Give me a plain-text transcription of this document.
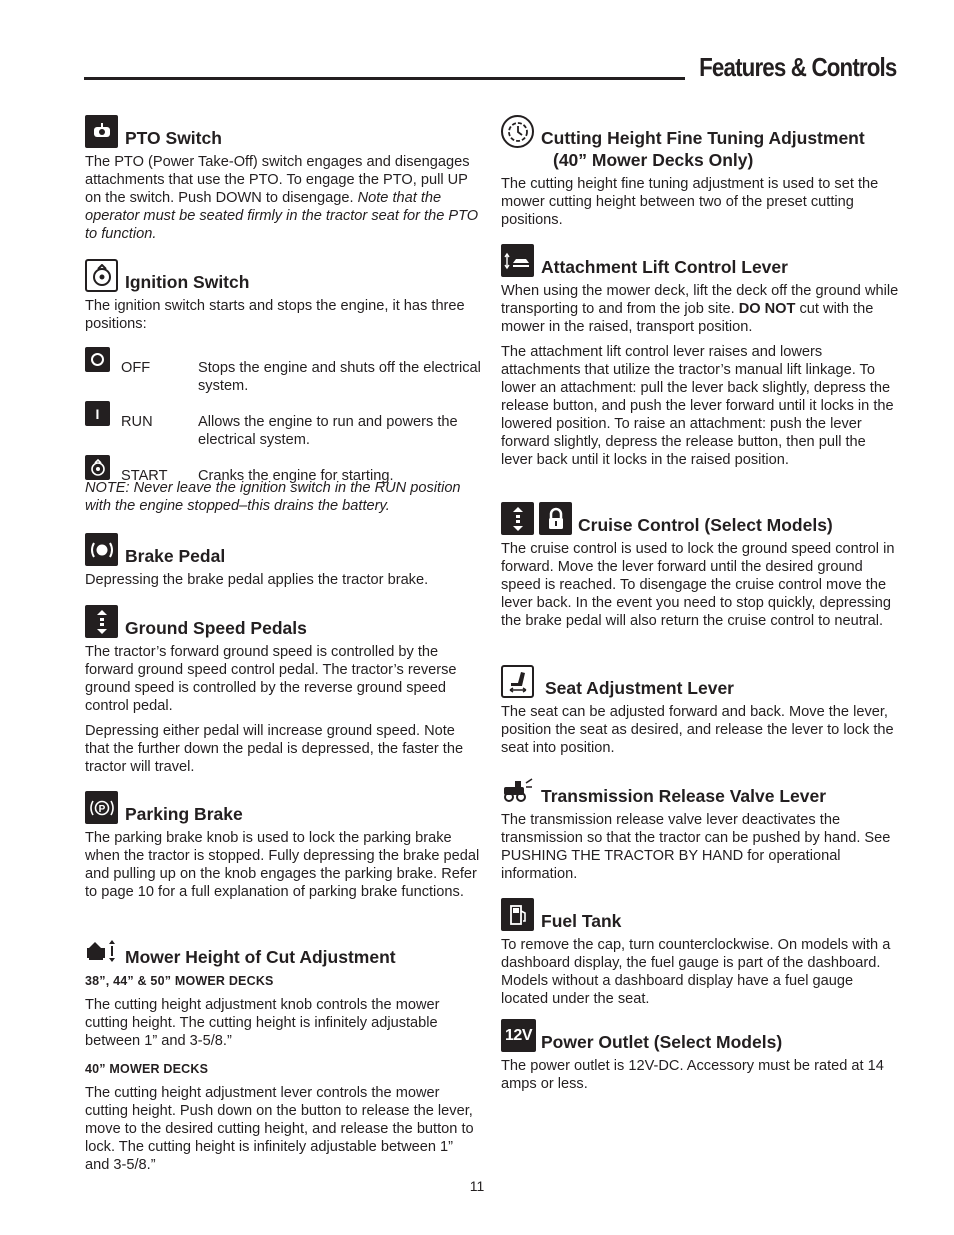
Features & Controls
PTO Switch

The PTO (Power Take-Off) switch engages and disengages attachments that use the PTO. To engage the PTO, pull UP on the switch. Push DOWN to disengage. Note that the operator must be seated firmly in the tractor seat for the PTO to function.

Ignition Switch

The ignition switch starts and stops the engine, it has three positions:

OFF	Stops the engine and shuts off the electrical system.
I
RUN	Allows the engine to run and powers the electrical system.
START Cranks the engine for starting.

NOTE: Never leave the ignition switch in the RUN position with the engine stopped–this drains the battery.

Brake Pedal

Depressing the brake pedal applies the tractor brake.

Ground Speed Pedals

The tractor’s forward ground speed is controlled by the forward ground speed control pedal. The tractor’s reverse ground speed is controlled by the reverse ground speed control pedal.

Depressing either pedal will increase ground speed. Note that the further down the pedal is depressed, the faster the tractor will travel.

P Parking Brake

The parking brake knob is used to lock the parking brake when the tractor is stopped. Fully depressing the brake pedal and pulling up on the knob engages the parking brake. Refer to page 10 for a full explanation of parking brake functions.

Mower Height of Cut Adjustment
38”, 44” & 50” MOWER DECKS

The cutting height adjustment knob controls the mower cutting height. The cutting height is infinitely adjustable between 1” and 3-5/8.”

40” MOWER DECKS

The cutting height adjustment lever controls the mower cutting height. Push down on the button to release the lever, move to the desired cutting height, and release the button to lock. The cutting height is infinitely adjustable between 1” and 3-5/8.”

Cutting Height Fine Tuning Adjustment
(40” Mower Decks Only)

The cutting height fine tuning adjustment is used to set the mower cutting height between two of the preset cutting positions.

Attachment Lift Control Lever

When using the mower deck, lift the deck off the ground while transporting to and from the job site. DO NOT cut with the mower in the raised, transport position.

The attachment lift control lever raises and lowers attachments that utilize the tractor’s manual lift linkage. To lower an attachment: pull the lever back slightly, depress the release button, and push the lever forward until it locks in the lowered position. To raise an attachment: push the lever forward slightly, depress the release button, then pull the lever back until it locks in the raised position.

Cruise Control (Select Models)

The cruise control is used to lock the ground speed control in forward. Move the lever forward until the desired ground speed is reached. To disengage the cruise control move the lever back. In the event you need to stop quickly, depressing the brake pedal will also return the cruise control to neutral.

Seat Adjustment Lever

The seat can be adjusted forward and back. Move the lever, position the seat as desired, and release the lever to lock the seat into position.

Transmission Release Valve Lever

The transmission release valve lever deactivates the transmission so that the tractor can be pushed by hand. See PUSHING THE TRACTOR BY HAND for operational information.

Fuel Tank

To remove the cap, turn counterclockwise. On models with a dashboard display, the fuel gauge is part of the dashboard. Models without a dashboard display have a fuel gauge located under the seat.

12V Power Outlet (Select Models)

The power outlet is 12V-DC. Accessory must be rated at 14 amps or less.

11
